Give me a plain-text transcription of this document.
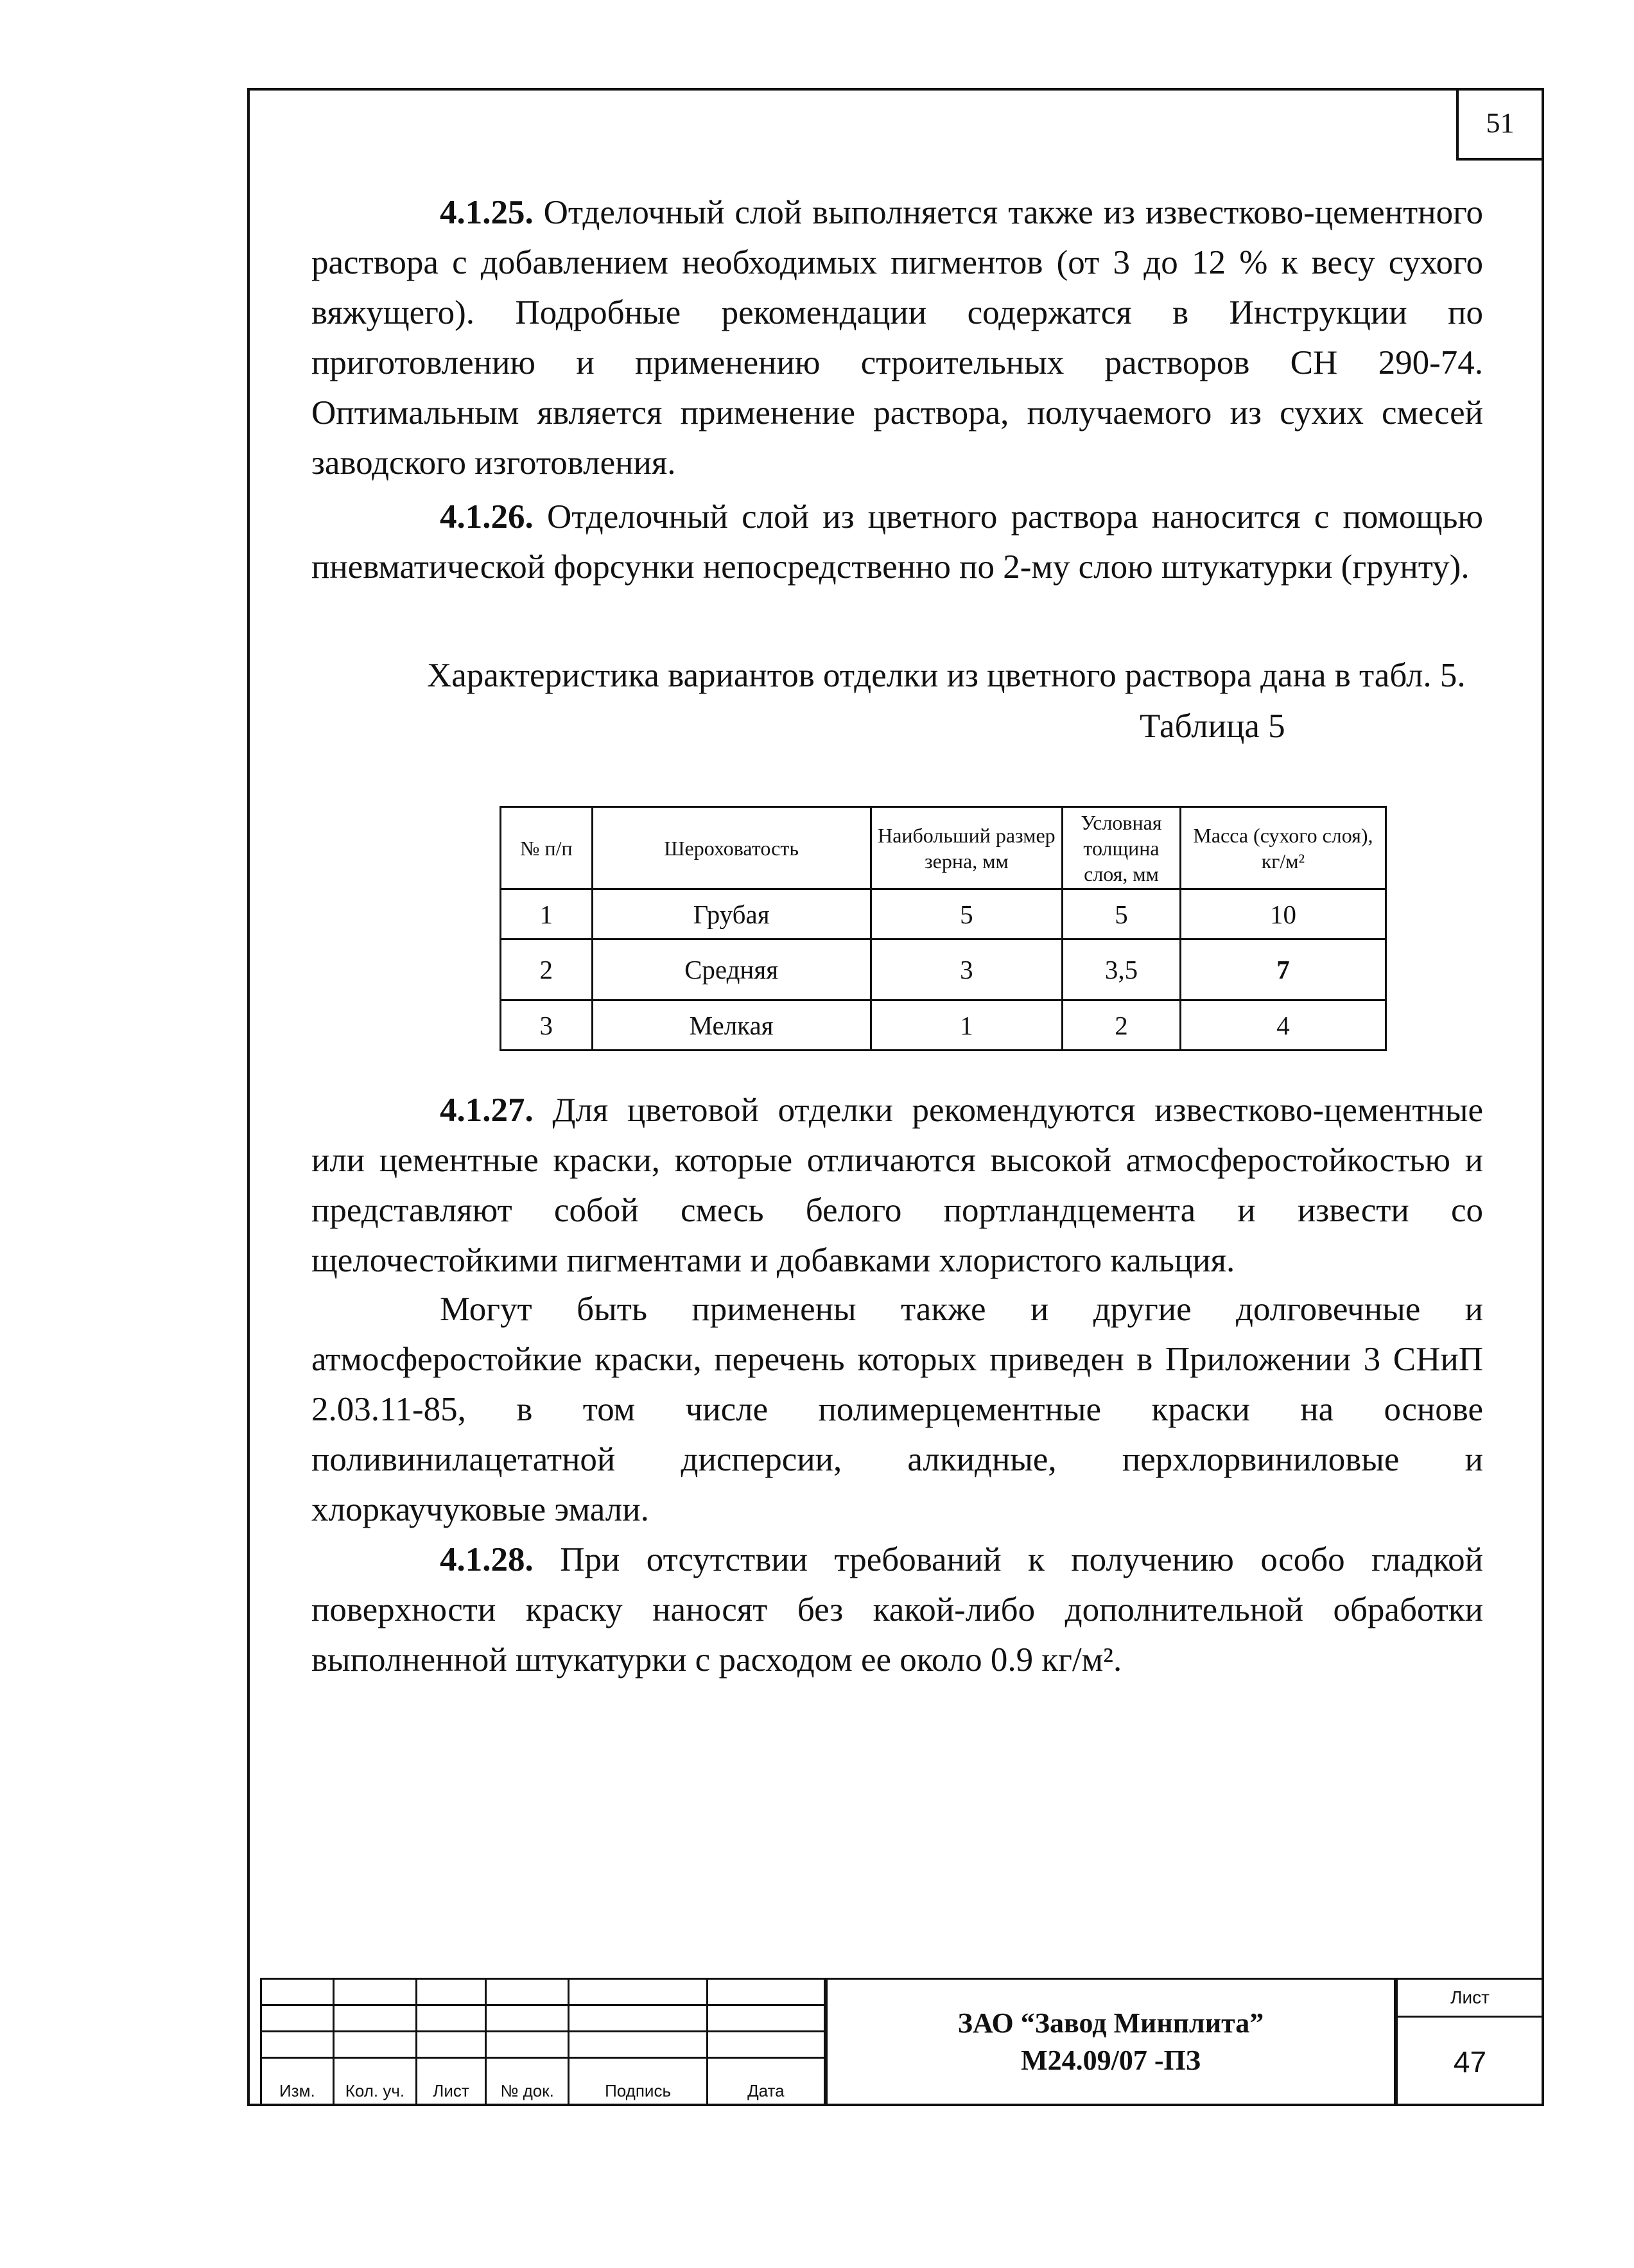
51

4.1.25. Отделочный слой выполняется также из известково-цементного раствора с добавлением необходимых пигментов (от 3 до 12 % к весу сухого вяжущего). Подробные рекомендации содержатся в Инструкции по приготовлению и применению строительных растворов СН 290-74. Оптимальным является применение раствора, получаемого из сухих смесей заводского изготовления.

4.1.26. Отделочный слой из цветного раствора наносится с помощью пневматической форсунки непосредственно по 2-му слою штукатурки (грунту).

Характеристика вариантов отделки из цветного раствора дана в табл. 5.
Таблица 5
№ п/п	Шероховатость	Наибольший размер зерна, мм	Условная толщина слоя, мм	Масса (сухого слоя), кг/м²
1	Грубая	5	5	10
2	Средняя	3	3,5	7
3	Мелкая	1	2	4

4.1.27. Для цветовой отделки рекомендуются известково-цементные или цементные краски, которые отличаются высокой атмосферостойкостью и представляют собой смесь белого портландцемента и извести со щелочестойкими пигментами и добавками хлористого кальция.

Могут быть применены также и другие долговечные и атмосферостойкие краски, перечень которых приведен в Приложении 3 СНиП 2.03.11-85, в том числе полимерцементные краски на основе поливинилацетатной дисперсии, алкидные, перхлорвиниловые и хлоркаучуковые эмали.

4.1.28. При отсутствии требований к получению особо гладкой поверхности краску наносят без какой-либо дополнительной обработки выполненной штукатурки с расходом ее около 0.9 кг/м².

Изм.	Кол. уч.	Лист	№ док.	Подпись	Дата
ЗАО “Завод Минплита”
М24.09/07 -ПЗ
Лист
47
